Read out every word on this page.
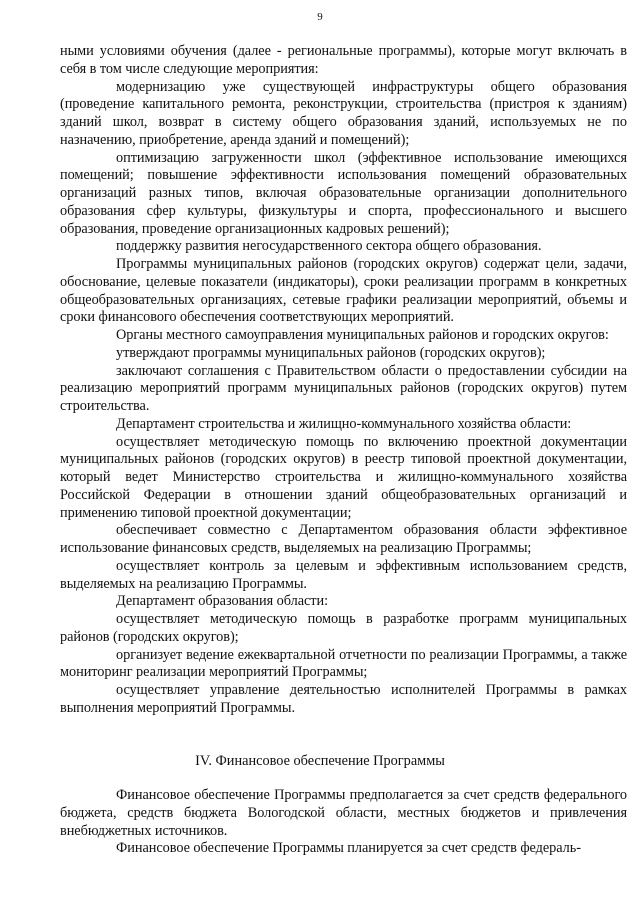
9

ными условиями обучения (далее - региональные программы), которые могут включать в себя в том числе следующие мероприятия:

модернизацию уже существующей инфраструктуры общего образования (проведение капитального ремонта, реконструкции, строительства (пристроя к зданиям) зданий школ, возврат в систему общего образования зданий, используемых не по назначению, приобретение, аренда зданий и помещений);

оптимизацию загруженности школ (эффективное использование имеющихся помещений; повышение эффективности использования помещений образовательных организаций разных типов, включая образовательные организации дополнительного образования сфер культуры, физкультуры и спорта, профессионального и высшего образования, проведение организационных кадровых решений);

поддержку развития негосударственного сектора общего образования.

Программы муниципальных районов (городских округов) содержат цели, задачи, обоснование, целевые показатели (индикаторы), сроки реализации программ в конкретных общеобразовательных организациях, сетевые графики реализации мероприятий, объемы и сроки финансового обеспечения соответствующих мероприятий.

Органы местного самоуправления муниципальных районов и городских округов:

утверждают программы муниципальных районов (городских округов);

заключают соглашения с Правительством области о предоставлении субсидии на реализацию мероприятий программ муниципальных районов (городских округов) путем строительства.

Департамент строительства и жилищно-коммунального хозяйства области:

осуществляет методическую помощь по включению проектной документации муниципальных районов (городских округов) в реестр типовой проектной документации, который ведет Министерство строительства и жилищно-коммунального хозяйства Российской Федерации в отношении зданий общеобразовательных организаций и применению типовой проектной документации;

обеспечивает совместно с Департаментом образования области эффективное использование финансовых средств, выделяемых на реализацию Программы;

осуществляет контроль за целевым и эффективным использованием средств, выделяемых на реализацию Программы.

Департамент образования области:

осуществляет методическую помощь в разработке программ муниципальных районов (городских округов);

организует ведение ежеквартальной отчетности по реализации Программы, а также мониторинг реализации мероприятий Программы;

осуществляет управление деятельностью исполнителей Программы в рамках выполнения мероприятий Программы.

IV. Финансовое обеспечение Программы

Финансовое обеспечение Программы предполагается за счет средств федерального бюджета, средств бюджета Вологодской области, местных бюджетов и привлечения внебюджетных источников.

Финансовое обеспечение Программы планируется за счет средств федераль-
